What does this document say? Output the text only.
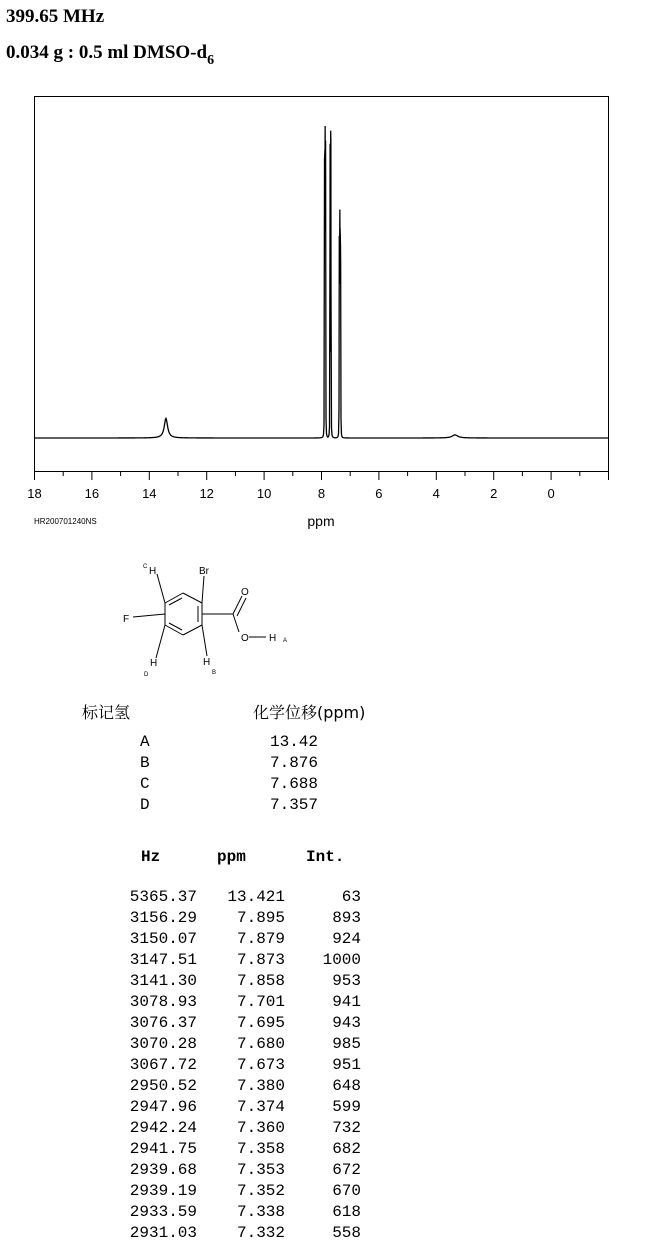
399.65 MHz
0.034 g : 0.5 ml DMSO-$d_6$
18	16	14	12	10	8	6	4	2	0
ppm
HR200701240NS
Br
F
O
O H
H
H	H
A
B
C
D
标记氢	化学位移(ppm)
A	13.42
B	7.876
C	7.688
D	7.357
Hz	ppm	Int.
5365.37	13.421	63
3156.29	7.895	893
3150.07	7.879	924
3147.51	7.873	1000
3141.30	7.858	953
3078.93	7.701	941
3076.37	7.695	943
3070.28	7.680	985
3067.72	7.673	951
2950.52	7.380	648
2947.96	7.374	599
2942.24	7.360	732
2941.75	7.358	682
2939.68	7.353	672
2939.19	7.352	670
2933.59	7.338	618
2931.03	7.332	558
